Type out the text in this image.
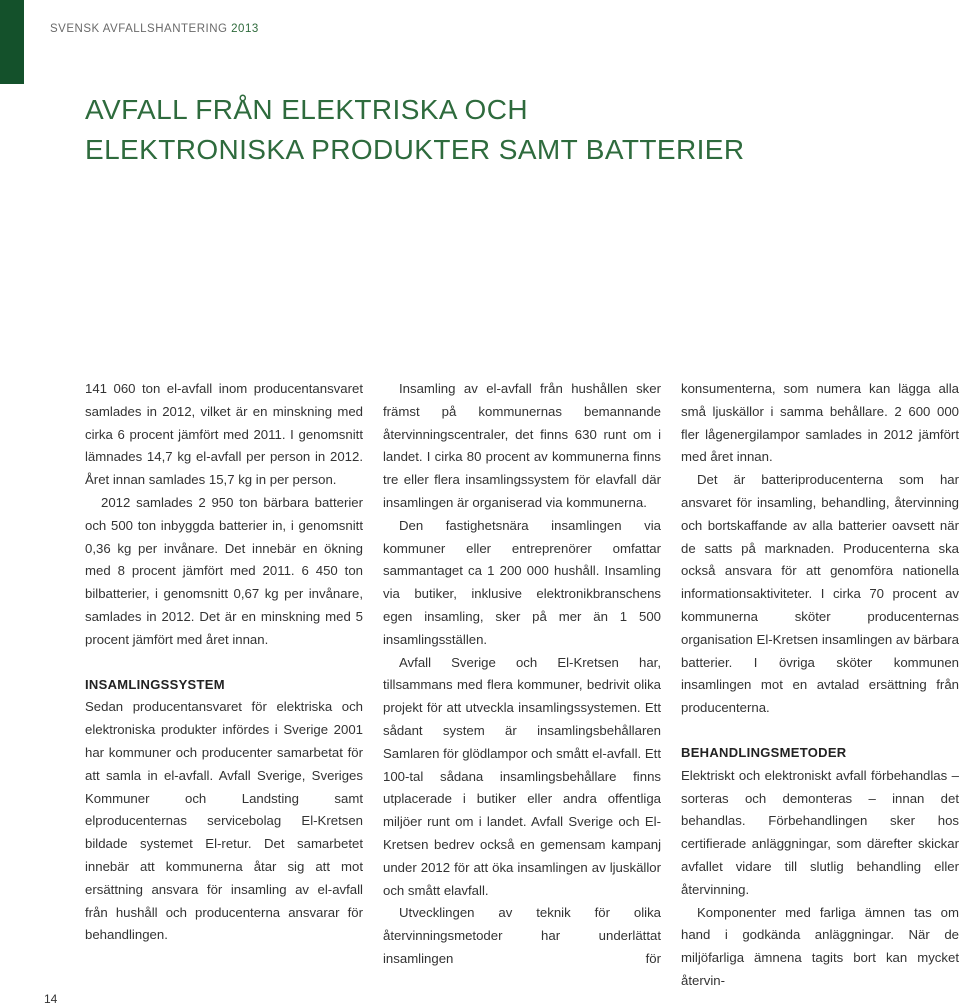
SVENSK AVFALLSHANTERING 2013
AVFALL FRÅN ELEKTRISKA OCH
ELEKTRONISKA PRODUKTER SAMT BATTERIER

141 060 ton el-avfall inom producentansvaret samlades in 2012, vilket är en minskning med cirka 6 procent jämfört med 2011. I genomsnitt lämnades 14,7 kg el-avfall per person in 2012. Året innan samlades 15,7 kg in per person.

2012 samlades 2 950 ton bärbara batterier och 500 ton inbyggda batterier in, i genomsnitt 0,36 kg per invånare. Det innebär en ökning med 8 procent jämfört med 2011. 6 450 ton bilbatterier, i genomsnitt 0,67 kg per invånare, samlades in 2012. Det är en minskning med 5 procent jämfört med året innan.

INSAMLINGSSYSTEM

Sedan producentansvaret för elektriska och elektroniska produkter infördes i Sverige 2001 har kommuner och producenter samarbetat för att samla in el-avfall. Avfall Sverige, Sveriges Kommuner och Landsting samt elproducenternas servicebolag El-Kretsen bildade systemet El-retur. Det samarbetet innebär att kommunerna åtar sig att mot ersättning ansvara för insamling av el-avfall från hushåll och producenterna ansvarar för behandlingen.

Insamling av el-avfall från hushållen sker främst på kommunernas bemannande återvinningscentraler, det finns 630 runt om i landet. I cirka 80 procent av kommunerna finns tre eller flera insamlingssystem för elavfall där insamlingen är organiserad via kommunerna.

Den fastighetsnära insamlingen via kommuner eller entreprenörer omfattar sammantaget ca 1 200 000 hushåll. Insamling via butiker, inklusive elektronikbranschens egen insamling, sker på mer än 1 500 insamlingsställen.

Avfall Sverige och El-Kretsen har, tillsammans med flera kommuner, bedrivit olika projekt för att utveckla insamlingssystemen. Ett sådant system är insamlingsbehållaren Samlaren för glödlampor och smått el-avfall. Ett 100-tal sådana insamlingsbehållare finns utplacerade i butiker eller andra offentliga miljöer runt om i landet. Avfall Sverige och El-Kretsen bedrev också en gemensam kampanj under 2012 för att öka insamlingen av ljuskällor och smått elavfall.

Utvecklingen av teknik för olika återvinningsmetoder har underlättat insamlingen för

konsumenterna, som numera kan lägga alla små ljuskällor i samma behållare. 2 600 000 fler lågenergilampor samlades in 2012 jämfört med året innan.

Det är batteriproducenterna som har ansvaret för insamling, behandling, återvinning och bortskaffande av alla batterier oavsett när de satts på marknaden. Producenterna ska också ansvara för att genomföra nationella informationsaktiviteter. I cirka 70 procent av kommunerna sköter producenternas organisation El-Kretsen insamlingen av bärbara batterier. I övriga sköter kommunen insamlingen mot en avtalad ersättning från producenterna.

BEHANDLINGSMETODER

Elektriskt och elektroniskt avfall förbehandlas – sorteras och demonteras – innan det behandlas. Förbehandlingen sker hos certifierade anläggningar, som därefter skickar avfallet vidare till slutlig behandling eller återvinning.

Komponenter med farliga ämnen tas om hand i godkända anläggningar. När de miljöfarliga ämnena tagits bort kan mycket återvin-

14
